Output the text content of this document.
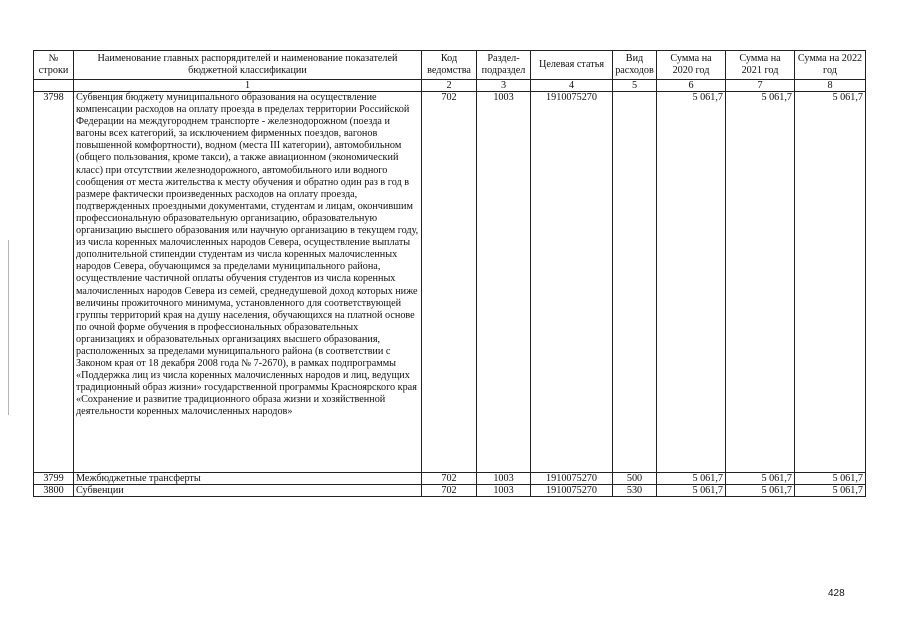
№ строки	Наименование главных распорядителей и наименование показателей бюджетной классификации	Код ведомства	Раздел-подраздел	Целевая статья	Вид расходов	Сумма на 2020 год	Сумма на 2021 год	Сумма на 2022 год
	1	2	3	4	5	6	7	8
3798	Субвенция бюджету муниципального образования на осуществление компенсации расходов на оплату проезда в пределах территории Российской Федерации на междугороднем транспорте - железнодорожном (поезда и вагоны всех категорий, за исключением фирменных поездов, вагонов повышенной комфортности), водном (места III категории), автомобильном (общего пользования, кроме такси), а также авиационном (экономический класс) при отсутствии железнодорожного, автомобильного или водного сообщения от места жительства к месту обучения и обратно один раз в год в размере фактически произведенных расходов на оплату проезда, подтвержденных проездными документами, студентам и лицам, окончившим профессиональную образовательную организацию, образовательную организацию высшего образования или научную организацию в текущем году, из числа коренных малочисленных народов Севера, осуществление выплаты дополнительной стипендии студентам из числа коренных малочисленных народов Севера, обучающимся за пределами муниципального района, осуществление частичной оплаты обучения студентов из числа коренных малочисленных народов Севера из семей, среднедушевой доход которых ниже величины прожиточного минимума, установленного для соответствующей группы территорий края на душу населения, обучающихся на платной основе по очной форме обучения в профессиональных образовательных организациях и образовательных организациях высшего образования, расположенных за пределами муниципального района (в соответствии с Законом края от 18 декабря 2008 года № 7-2670), в рамках подпрограммы «Поддержка лиц из числа коренных малочисленных народов и лиц, ведущих традиционный образ жизни» государственной программы Красноярского края «Сохранение и развитие традиционного образа жизни и хозяйственной деятельности коренных малочисленных народов»	702	1003	1910075270		5 061,7	5 061,7	5 061,7
3799	Межбюджетные трансферты	702	1003	1910075270	500	5 061,7	5 061,7	5 061,7
3800	Субвенции	702	1003	1910075270	530	5 061,7	5 061,7	5 061,7
428
